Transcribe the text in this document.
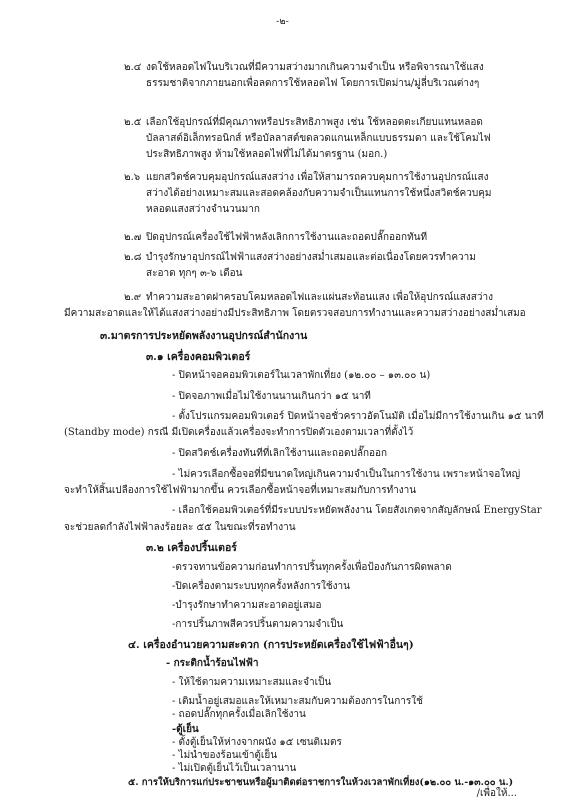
-๒-
๒.๔ งดใช้หลอดไฟในบริเวณที่มีความสว่างมากเกินความจำเป็น หรือพิจารณาใช้แสง
ธรรมชาติจากภายนอกเพื่อลดการใช้หลอดไฟ โดยการเปิดม่าน/มู่ลี่บริเวณต่างๆ
๒.๕ เลือกใช้อุปกรณ์ที่มีคุณภาพหรือประสิทธิภาพสูง เช่น ใช้หลอดตะเกียบแทนหลอด
บัลลาสต์อิเล็กทรอนิกส์ หรือบัลลาสต์ขดลวดแกนเหล็กแบบธรรมดา และใช้โคมไฟ
ประสิทธิภาพสูง ห้ามใช้หลอดไฟที่ไม่ได้มาตรฐาน (มอก.)
๒.๖ แยกสวิตช์ควบคุมอุปกรณ์แสงสว่าง เพื่อให้สามารถควบคุมการใช้งานอุปกรณ์แสง
สว่างได้อย่างเหมาะสมและสอดคล้องกับความจำเป็นแทนการใช้หนึ่งสวิตช์ควบคุม
หลอดแสงสว่างจำนวนมาก
๒.๗ ปิดอุปกรณ์เครื่องใช้ไฟฟ้าหลังเลิกการใช้งานและถอดปลั๊กออกทันที
๒.๘ บำรุงรักษาอุปกรณ์ไฟฟ้าแสงสว่างอย่างสม่ำเสมอและต่อเนื่องโดยควรทำความ
สะอาด ทุกๆ ๓-๖ เดือน
๒.๙ ทำความสะอาดฝาครอบโคมหลอดไฟและแผ่นสะท้อนแสง เพื่อให้อุปกรณ์แสงสว่าง
มีความสะอาดและให้ได้แสงสว่างอย่างมีประสิทธิภาพ โดยตรวจสอบการทำงานและความสว่างอย่างสม่ำเสมอ
๓.มาตรการประหยัดพลังงานอุปกรณ์สำนักงาน
๓.๑ เครื่องคอมพิวเตอร์
- ปิดหน้าจอคอมพิวเตอร์ในเวลาพักเที่ยง (๑๒.๐๐ – ๑๓.๐๐ น)
- ปิดจอภาพเมื่อไม่ใช้งานนานเกินกว่า ๑๕ นาที
- ตั้งโปรแกรมคอมพิวเตอร์ ปิดหน้าจอชั่วคราวอัตโนมัติ เมื่อไม่มีการใช้งานเกิน ๑๕ นาที
(Standby mode) กรณี มีเปิดเครื่องแล้วเครื่องจะทำการปิดตัวเองตามเวลาที่ตั้งไว้
- ปิดสวิตช์เครื่องทันทีที่เลิกใช้งานและถอดปลั๊กออก
- ไม่ควรเลือกซื้อจอที่มีขนาดใหญ่เกินความจำเป็นในการใช้งาน เพราะหน้าจอใหญ่
จะทำให้สิ้นเปลืองการใช้ไฟฟ้ามากขึ้น ควรเลือกซื้อหน้าจอที่เหมาะสมกับการทำงาน
- เลือกใช้คอมพิวเตอร์ที่มีระบบประหยัดพลังงาน โดยสังเกตจากสัญลักษณ์ EnergyStar
จะช่วยลดกำลังไฟฟ้าลงร้อยละ ๕๕ ในขณะที่รอทำงาน
๓.๒ เครื่องปริ้นเตอร์
-ตรวจทานข้อความก่อนทำการปริ้นทุกครั้งเพื่อป้องกันการผิดพลาด
-ปิดเครื่องตามระบบทุกครั้งหลังการใช้งาน
-บำรุงรักษาทำความสะอาดอยู่เสมอ
-การปริ้นภาพสีควรปริ้นตามความจำเป็น
๔. เครื่องอำนวยความสะดวก (การประหยัดเครื่องใช้ไฟฟ้าอื่นๆ)
- กระติกน้ำร้อนไฟฟ้า
- ให้ใช้ตามความเหมาะสมและจำเป็น
- เติมน้ำอยู่เสมอและให้เหมาะสมกับความต้องการในการใช้
- ถอดปลั๊กทุกครั้งเมื่อเลิกใช้งาน
-ตู้เย็น
- ตั้งตู้เย็นให้ห่างจากผนัง ๑๕ เซนติเมตร
- ไม่นำของร้อนเข้าตู้เย็น
- ไม่เปิดตู้เย็นไว้เป็นเวลานาน
/เพื่อให้...
๕. การให้บริการแก่ประชาชนหรือผู้มาติดต่อราชการในห้วงเวลาพักเที่ยง(๑๒.๐๐ น.-๑๓.๐๐ น.)
